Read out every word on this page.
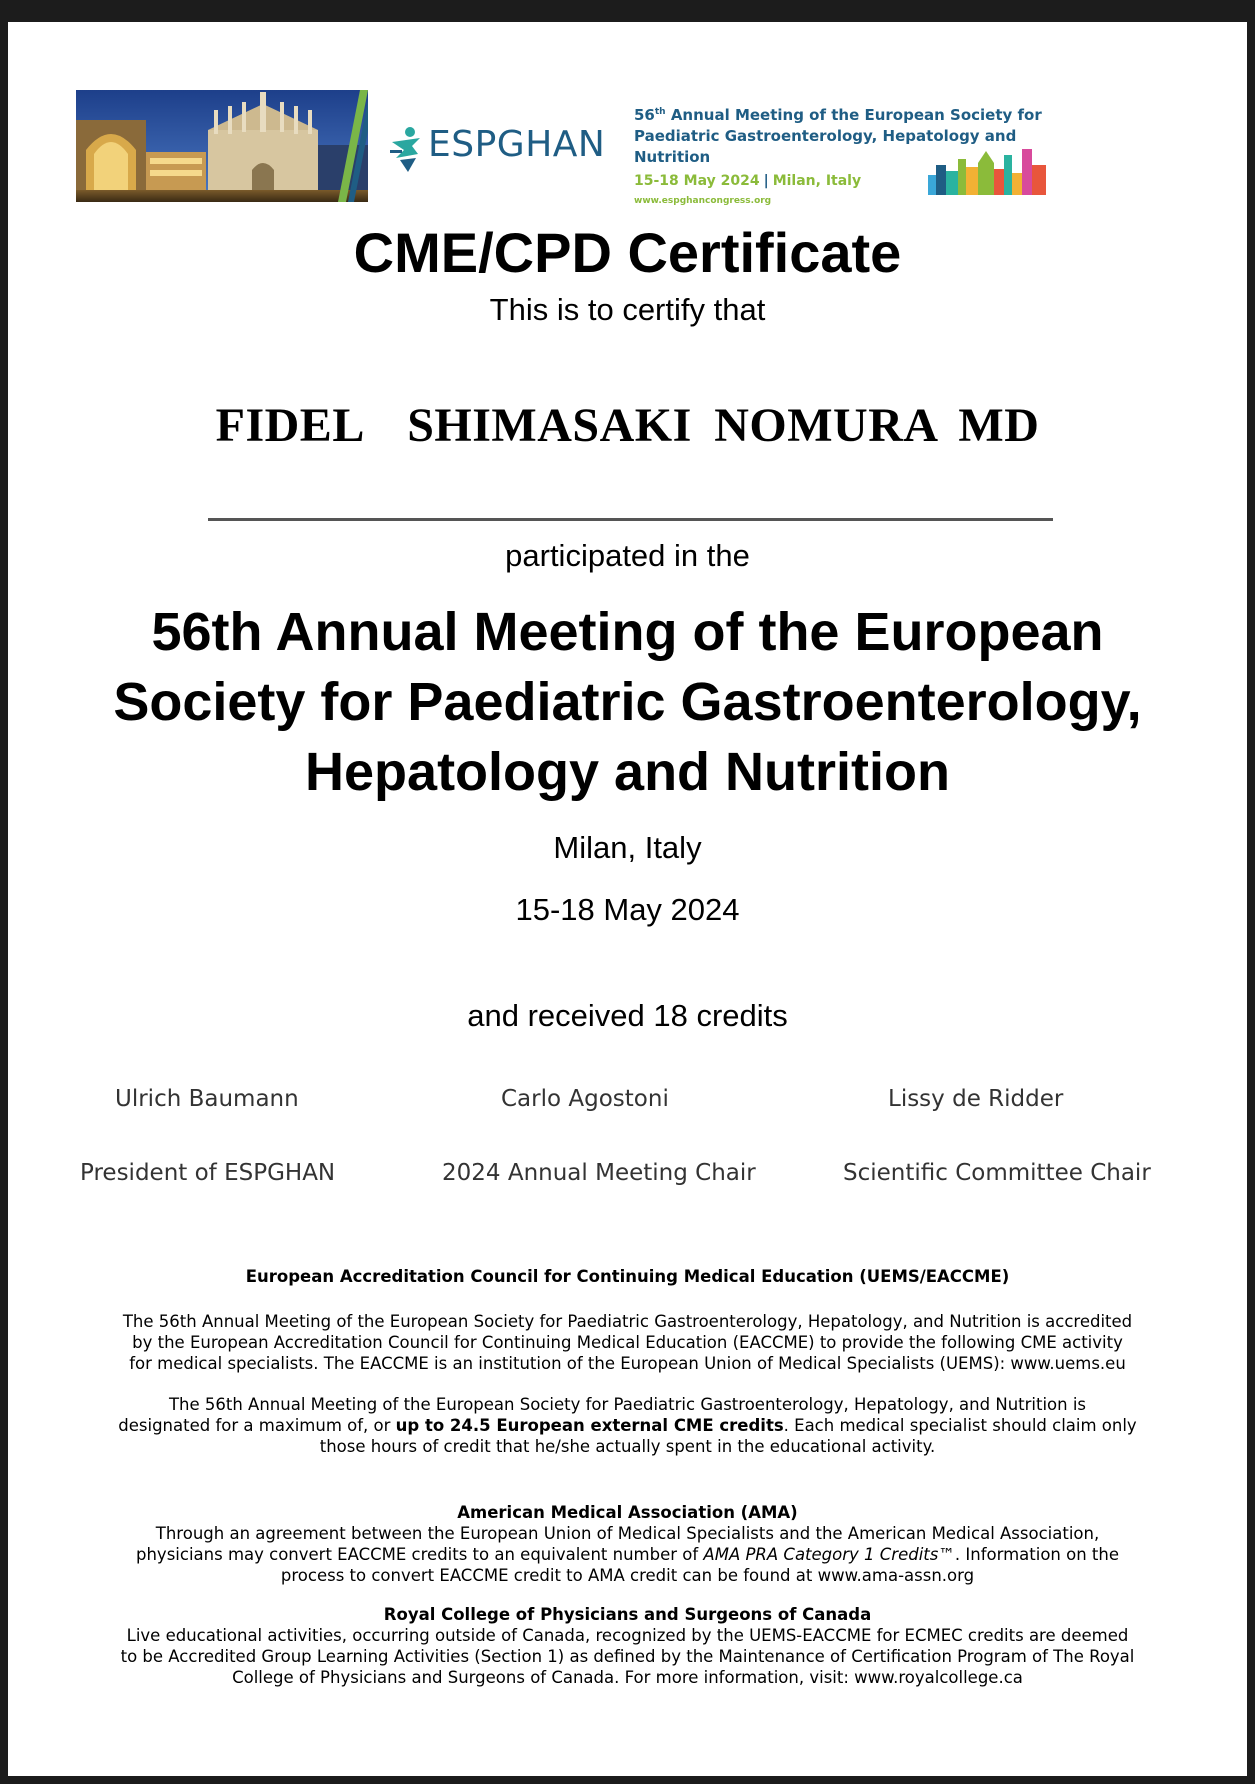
ESPGHAN
56th Annual Meeting of the European Society for
Paediatric Gastroenterology, Hepatology and Nutrition
15-18 May 2024 | Milan, Italy
www.espghancongress.org
CME/CPD Certificate
This is to certify that
FIDEL  SHIMASAKI NOMURA MD
participated in the
56th Annual Meeting of the European
Society for Paediatric Gastroenterology,
Hepatology and Nutrition
Milan, Italy
15-18 May 2024
and received 18 credits
Ulrich Baumann	Carlo Agostoni	Lissy de Ridder
President of ESPGHAN	2024 Annual Meeting Chair	Scientific Committee Chair
European Accreditation Council for Continuing Medical Education (UEMS/EACCME)
The 56th Annual Meeting of the European Society for Paediatric Gastroenterology, Hepatology, and Nutrition is accredited
by the European Accreditation Council for Continuing Medical Education (EACCME) to provide the following CME activity
for medical specialists. The EACCME is an institution of the European Union of Medical Specialists (UEMS): www.uems.eu
The 56th Annual Meeting of the European Society for Paediatric Gastroenterology, Hepatology, and Nutrition is
designated for a maximum of, or up to 24.5 European external CME credits. Each medical specialist should claim only
those hours of credit that he/she actually spent in the educational activity.
American Medical Association (AMA)
Through an agreement between the European Union of Medical Specialists and the American Medical Association,
physicians may convert EACCME credits to an equivalent number of AMA PRA Category 1 Credits™. Information on the
process to convert EACCME credit to AMA credit can be found at www.ama-assn.org
Royal College of Physicians and Surgeons of Canada
Live educational activities, occurring outside of Canada, recognized by the UEMS-EACCME for ECMEC credits are deemed
to be Accredited Group Learning Activities (Section 1) as defined by the Maintenance of Certification Program of The Royal
College of Physicians and Surgeons of Canada. For more information, visit: www.royalcollege.ca
